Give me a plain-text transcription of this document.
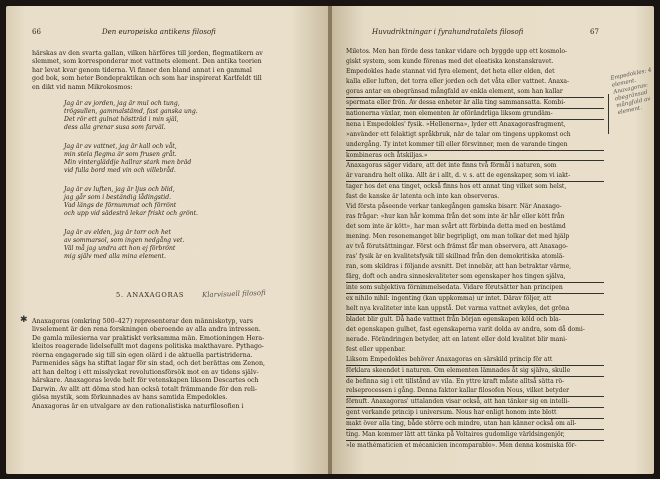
66	Den europeiska antikens filosofi
härskas av den svarta gallan, vilken härföres till jorden, flegmatikern av
slemmet, som korresponderar mot vattnets element. Den antika teorien
har levat kvar genom tiderna. Vi finner den bland annat i en gammal
god bok, som heter Bondepraktikan och som har inspirerat Karlfeldt till
en dikt vid namn Mikrokosmos:
Jag är av jorden, jag är mul och tung,
trögsullen, gammalstämd, fast ganska ung.
Det rör ett gulnat höstträd i min själ,
dess alla grenar susa som farväl.
Jag är av vattnet, jag är kall och våt,
min stela flegma är som frusen gråt.
Min vintergläddje hallrar stark men bräd
vid fulla bord med vin och villebråd.
Jag är av luften, jag är ljus och blid,
jag går som i beständig lådingstid.
Vad längs de förnummat och förrönt
och upp vid sädesträ lekar friskt och grönt.
Jag är av elden, jag är torr och het
av sommarsol, som ingen nedgång vet.
Väl må jag undra att hon ej förbrönt
mig själv med alla mina element.
5. ANAXAGORAS	Klarvisuell filosofi
✱ Anaxagoras (omkring 500–427) representerar den människotyp, vars
livselement är den rena forskningen oberoende av alla andra intressen.
De gamla milesierna var praktiskt verksamma män. Emotioningen Hera-
kleitos reagerade lidelsefullt mot dagens politiska makthavare. Pythago-
réerna engagerade sig till sin egen olärd i de aktuella partistriderna.
Parmenides sägs ha stiftat lagar för sin stad, och det berättas om Zenon,
att han deltog i ett misslyckat revolutionsförsök mot en av tidens själv-
härskare. Anaxagoras levde helt för vetenskapen liksom Descartes och
Darwin. Av allt att döma stod han också totalt främmande för den reli-
giösa mystik, som förkunnades av hans samtida Empedokles.
Anaxagoras är en utvalgare av den rationalistiska naturfilosofien i
Huvudriktningar i fyrahundratalets filosofi	67
Miletos. Men han förde dess tankar vidare och byggde upp ett kosmolo-
giskt system, som kunde förenas med det eleatiska konstanskravet.
Empedokles hade stannat vid fyra element, det heta eller elden, det
kalla eller luften, det torra eller jorden och det våta eller vattnet. Anaxa-
goras antar en obegränsad mångfald av enkla element, som han kallar
spermata eller frön. Av dessa enheter är alla ting sammansatta. Kombi-
nationerna växlar, men elementen är oförändrliga liksom grundäm-
nena i Empedokles' fysik. »Hellenerna», lyder ett Anaxagorasfragment,
»använder ett felaktigt språkbruk, när de talar om tingens uppkomst och
undergång. Ty intet kommer till eller försvinner, men de varande tingen
kombineras och åtskiljas.»
Anaxagoras säger vidare, att det inte finns två förmål i naturen, som
är varandra helt olika. Allt är i allt, d. v. s. att de egenskaper, som vi iakt-
tager hos det ena tinget, också finns hos ett annat ting vilket som helst,
fast de kanske är latenta och inte kan observeras.
Vid första påseende verkar tankegången gamska bisarr. När Anaxago-
ras frågar: »hur kan hår komma från det som inte är hår eller kött från
det som inte är kött», har man svårt att förbinda detta med en bestämd
mening. Men resonemanget blir begripligt, om man tolkar det med hjälp
av två förutsättningar. Först och främst får man observera, att Anaxago-
ras' fysik är en kvalitetsfysik till skillnad från den demokritiska atomlä-
ran, som skildras i följande avsnitt. Det innebär, att han betraktar värme,
färg, doft och andra sinneskvaliteter som egenskaper hos tingen själva,
inte som subjektiva förnimmelsedata. Vidare förutsätter han principen
ex nihilo nihil: ingenting (kan uppkomma) ur intet. Därav följer, att
helt nya kvaliteter inte kan uppstå. Det varma vattnet avkyles, det gröna
bladet blir gult. Då hade vattnet från början egenskapen köld och bla-
det egenskapen gulhet, fast egenskaperna varit dolda av andra, som då domi-
nerade. Förändringen betyder, att en latent eller dold kvalitet blir mani-
fest eller uppenbar.
Liksom Empedokles behöver Anaxagoras en särskild princip för att
förklara skeendet i naturen. Om elementen lämnades åt sig själva, skulle
de befinna sig i ett tillstånd av vila. En yttre kraft måste alltså sätta rö-
relseprocessen i gång. Denna faktor kallar filosofen Nous, vilket betyder
förnuft. Anaxagoras' uttalanden visar också, att han tänker sig en intelli-
gent verkande princip i universum. Nous har enligt honom inte blott
makt över alla ting, både större och mindre, utan han känner också om all-
ting. Man kommer lätt att tänka på Voltaires gudomlige världsingenjör,
»le mathématicien et mécanicien incomparable». Men denna kosmiska för-
Empedokles: 4 element. Anaxagoras: obegränsad mångfald av element.
